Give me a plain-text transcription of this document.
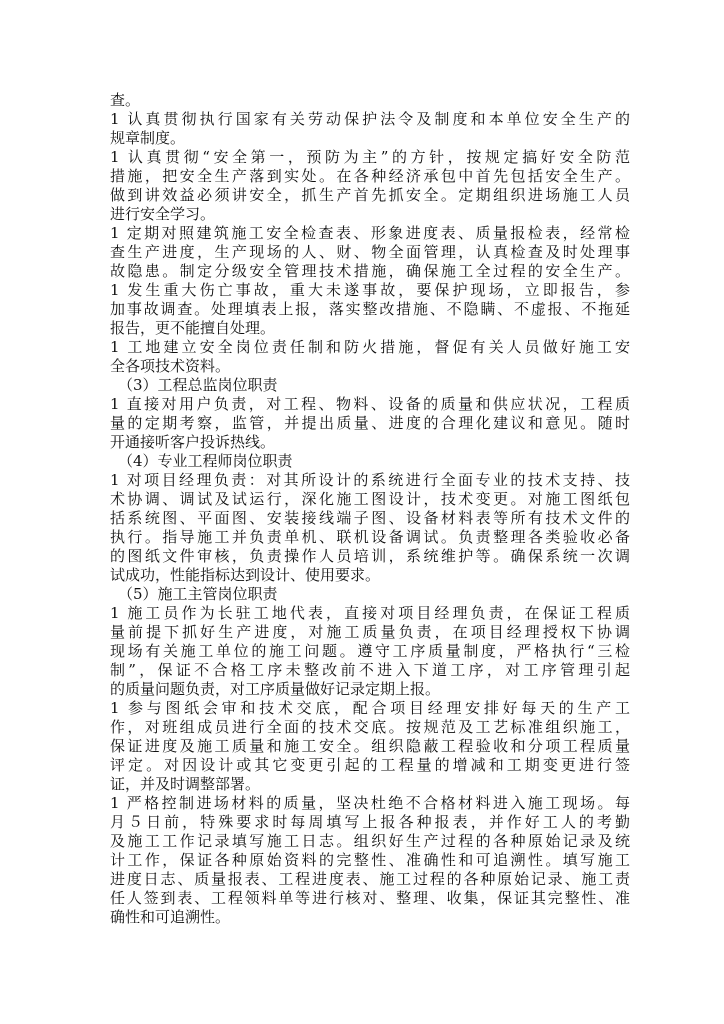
查。
1 认真贯彻执行国家有关劳动保护法令及制度和本单位安全生产的
规章制度。
1 认真贯彻“安全第一，预防为主”的方针，按规定搞好安全防范
措施，把安全生产落到实处。在各种经济承包中首先包括安全生产。
做到讲效益必须讲安全，抓生产首先抓安全。定期组织进场施工人员
进行安全学习。
1 定期对照建筑施工安全检查表、形象进度表、质量报检表，经常检
查生产进度，生产现场的人、财、物全面管理，认真检查及时处理事
故隐患。制定分级安全管理技术措施，确保施工全过程的安全生产。
1 发生重大伤亡事故，重大未遂事故，要保护现场，立即报告，参
加事故调查。处理填表上报，落实整改措施、不隐瞒、不虚报、不拖延
报告，更不能擅自处理。
1 工地建立安全岗位责任制和防火措施，督促有关人员做好施工安
全各项技术资料。
（3）工程总监岗位职责
1 直接对用户负责，对工程、物料、设备的质量和供应状况，工程质
量的定期考察，监管，并提出质量、进度的合理化建议和意见。随时
开通接听客户投诉热线。
（4）专业工程师岗位职责
1 对项目经理负责：对其所设计的系统进行全面专业的技术支持、技
术协调、调试及试运行，深化施工图设计，技术变更。对施工图纸包
括系统图、平面图、安装接线端子图、设备材料表等所有技术文件的
执行。指导施工并负责单机、联机设备调试。负责整理各类验收必备
的图纸文件审核，负责操作人员培训，系统维护等。确保系统一次调
试成功，性能指标达到设计、使用要求。
（5）施工主管岗位职责
1 施工员作为长驻工地代表，直接对项目经理负责，在保证工程质
量前提下抓好生产进度，对施工质量负责，在项目经理授权下协调
现场有关施工单位的施工问题。遵守工序质量制度，严格执行“三检
制”，保证不合格工序未整改前不进入下道工序，对工序管理引起
的质量问题负责，对工序质量做好记录定期上报。
1 参与图纸会审和技术交底，配合项目经理安排好每天的生产工
作，对班组成员进行全面的技术交底。按规范及工艺标准组织施工，
保证进度及施工质量和施工安全。组织隐蔽工程验收和分项工程质量
评定。对因设计或其它变更引起的工程量的增减和工期变更进行签
证，并及时调整部署。
1 严格控制进场材料的质量，坚决杜绝不合格材料进入施工现场。每
月５日前，特殊要求时每周填写上报各种报表，并作好工人的考勤
及施工工作记录填写施工日志。组织好生产过程的各种原始记录及统
计工作，保证各种原始资料的完整性、准确性和可追溯性。填写施工
进度日志、质量报表、工程进度表、施工过程的各种原始记录、施工责
任人签到表、工程领料单等进行核对、整理、收集，保证其完整性、准
确性和可追溯性。
